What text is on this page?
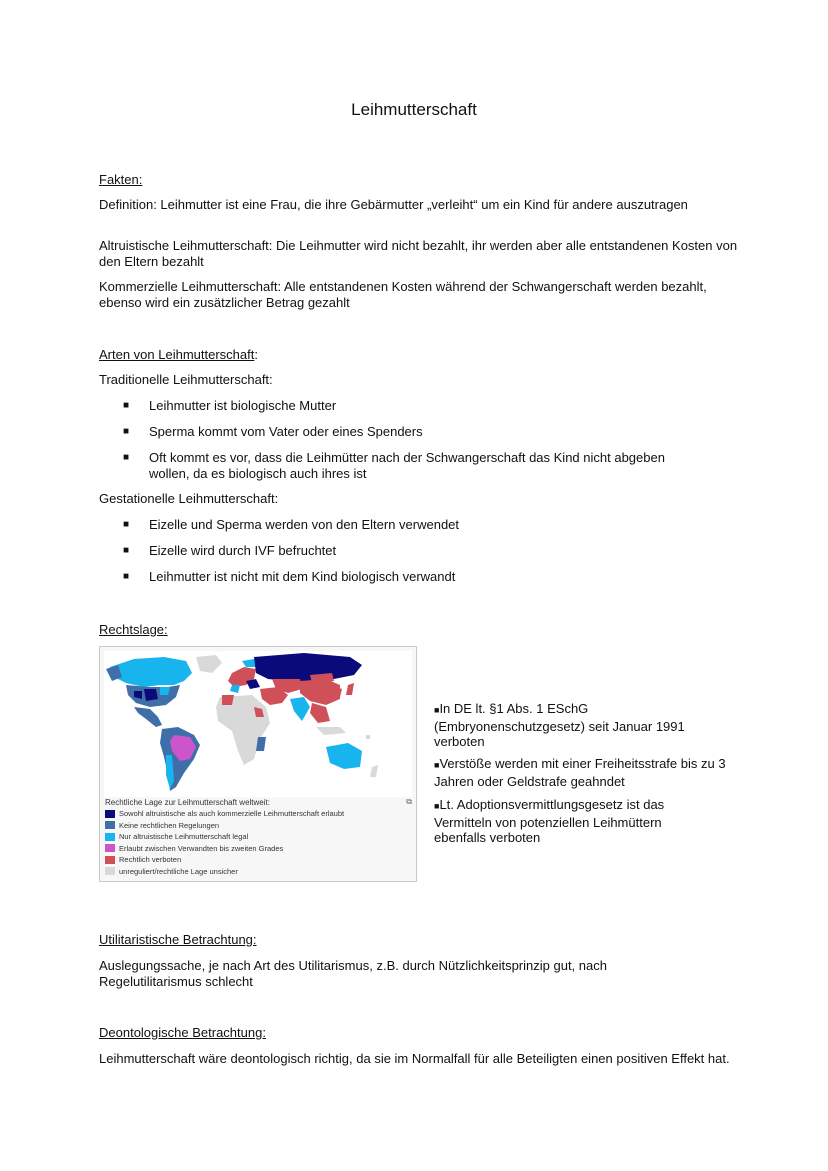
Leihmutterschaft
Fakten:
Definition: Leihmutter ist eine Frau, die ihre Gebärmutter „verleiht“ um ein Kind für andere auszutragen
Altruistische Leihmutterschaft: Die Leihmutter wird nicht bezahlt, ihr werden aber alle entstandenen Kosten von den Eltern bezahlt
Kommerzielle Leihmutterschaft: Alle entstandenen Kosten während der Schwangerschaft werden bezahlt, ebenso wird ein zusätzlicher Betrag gezahlt
Arten von Leihmutterschaft:
Traditionelle Leihmutterschaft:
■	Leihmutter ist biologische Mutter
■	Sperma kommt vom Vater oder eines Spenders
■	Oft kommt es vor, dass die Leihmütter nach der Schwangerschaft das Kind nicht abgeben wollen, da es biologisch auch ihres ist
Gestationelle Leihmutterschaft:
■	Eizelle und Sperma werden von den Eltern verwendet
■	Eizelle wird durch IVF befruchtet
■	Leihmutter ist nicht mit dem Kind biologisch verwandt
Rechtslage:
Rechtliche Lage zur Leihmutterschaft weltweit:
Sowohl altruistische als auch kommerzielle Leihmutterschaft erlaubt
Keine rechtlichen Regelungen
Nur altruistische Leihmutterschaft legal
Erlaubt zwischen Verwandten bis zweiten Grades
Rechtlich verboten
unreguliert/rechtliche Lage unsicher
⧉
■In DE lt. §1 Abs. 1 ESchG (Embryonenschutzgesetz) seit Januar 1991 verboten
■Verstöße werden mit einer Freiheitsstrafe bis zu 3 Jahren oder Geldstrafe geahndet
■Lt. Adoptionsvermittlungsgesetz ist das Vermitteln von potenziellen Leihmüttern ebenfalls verboten
Utilitaristische Betrachtung:
Auslegungssache, je nach Art des Utilitarismus, z.B. durch Nützlichkeitsprinzip gut, nach Regelutilitarismus schlecht
Deontologische Betrachtung:
Leihmutterschaft wäre deontologisch richtig, da sie im Normalfall für alle Beteiligten einen positiven Effekt hat.
